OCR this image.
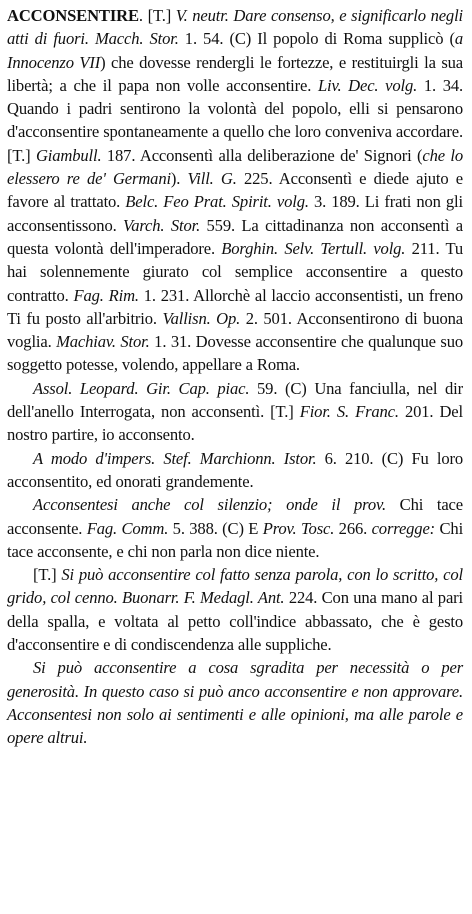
ACCONSENTIRE. [T.] V. neutr. Dare consenso, e significarlo negli atti di fuori. Macch. Stor. 1. 54. (C) Il popolo di Roma supplicò (a Innocenzo VII) che dovesse rendergli le fortezze, e restituirgli la sua libertà; a che il papa non volle acconsentire. Liv. Dec. volg. 1. 34. Quando i padri sentirono la volontà del popolo, elli si pensarono d'acconsentire spontaneamente a quello che loro conveniva accordare. [T.] Giambull. 187. Acconsentì alla deliberazione de' Signori (che lo elessero re de' Germani). Vill. G. 225. Acconsentì e diede ajuto e favore al trattato. Belc. Feo Prat. Spirit. volg. 3. 189. Li frati non gli acconsentissono. Varch. Stor. 559. La cittadinanza non acconsentì a questa volontà dell'imperadore. Borghin. Selv. Tertull. volg. 211. Tu hai solennemente giurato col semplice acconsentire a questo contratto. Fag. Rim. 1. 231. Allorchè al laccio acconsentisti, un freno Ti fu posto all'arbitrio. Vallisn. Op. 2. 501. Acconsentirono di buona voglia. Machiav. Stor. 1. 31. Dovesse acconsentire che qualunque suo soggetto potesse, volendo, appellare a Roma.

Assol. Leopard. Gir. Cap. piac. 59. (C) Una fanciulla, nel dir dell'anello Interrogata, non acconsentì. [T.] Fior. S. Franc. 201. Del nostro partire, io acconsento.

A modo d'impers. Stef. Marchionn. Istor. 6. 210. (C) Fu loro acconsentito, ed onorati grandemente.

Acconsentesi anche col silenzio; onde il prov. Chi tace acconsente. Fag. Comm. 5. 388. (C) E Prov. Tosc. 266. corregge: Chi tace acconsente, e chi non parla non dice niente.

[T.] Si può acconsentire col fatto senza parola, con lo scritto, col grido, col cenno. Buonarr. F. Medagl. Ant. 224. Con una mano al pari della spalla, e voltata al petto coll'indice abbassato, che è gesto d'acconsentire e di condiscendenza alle suppliche.

Si può acconsentire a cosa sgradita per necessità o per generosità. In questo caso si può anco acconsentire e non approvare. Acconsentesi non solo ai sentimenti e alle opinioni, ma alle parole e opere altrui.
